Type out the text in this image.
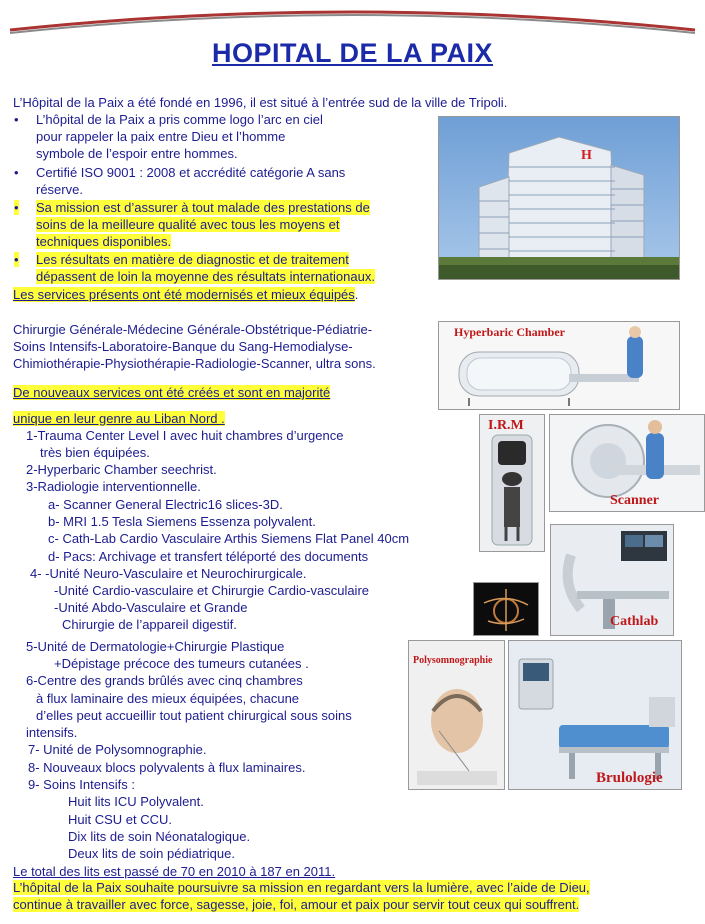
HOPITAL DE LA PAIX
L’Hôpital de la Paix a été fondé en 1996, il est situé à l’entrée sud de la ville de Tripoli.
• L’hôpital de la Paix a pris comme logo l’arc en ciel
pour rappeler la paix entre Dieu et l’homme
symbole de l’espoir entre hommes.
• Certifié ISO 9001 : 2008 et accrédité catégorie A sans
réserve.
• Sa mission est d’assurer à tout malade des prestations de
soins de la meilleure qualité avec tous les moyens et
techniques disponibles.
• Les résultats en matière de diagnostic et de traitement
dépassent de loin la moyenne des résultats internationaux.
Les services présents ont été modernisés et mieux équipés.
Chirurgie Générale-Médecine Générale-Obstétrique-Pédiatrie-
Soins Intensifs-Laboratoire-Banque du Sang-Hemodialyse-
Chimiothérapie-Physiothérapie-Radiologie-Scanner, ultra sons.
De nouveaux services ont été créés et sont en majorité
unique en leur genre au Liban Nord .
1-Trauma Center Level I avec huit chambres d’urgence
très bien équipées.
2-Hyperbaric Chamber seechrist.
3-Radiologie interventionnelle.
a- Scanner General Electric16 slices-3D.
b- MRI 1.5 Tesla Siemens Essenza polyvalent.
c- Cath-Lab Cardio Vasculaire Arthis Siemens Flat Panel 40cm
d- Pacs: Archivage et transfert téléporté des documents
4- -Unité Neuro-Vasculaire et Neurochirurgicale.
-Unité Cardio-vasculaire et Chirurgie Cardio-vasculaire
-Unité Abdo-Vasculaire et Grande
Chirurgie de l’appareil digestif.
5-Unité de Dermatologie+Chirurgie Plastique
+Dépistage précoce des tumeurs cutanées .
6-Centre des grands brûlés avec cinq chambres
à flux laminaire des mieux équipées, chacune
d’elles peut accueillir tout patient chirurgical sous soins
intensifs.
7- Unité de Polysomnographie.
8- Nouveaux blocs polyvalents à flux laminaires.
9- Soins Intensifs :
Huit lits ICU Polyvalent.
Huit CSU et CCU.
Dix lits de soin Néonatalogique.
Deux lits de soin pédiatrique.
Le total des lits est passé de 70 en 2010 à 187 en 2011.
L’hôpital de la Paix souhaite poursuivre sa mission en regardant vers la lumière, avec l’aide de Dieu,
continue à travailler avec force, sagesse, joie, foi, amour et paix pour servir tout ceux qui souffrent.
H
Hyperbaric Chamber
I.R.M
Scanner
Cathlab
Polysomnographie
Brulologie
